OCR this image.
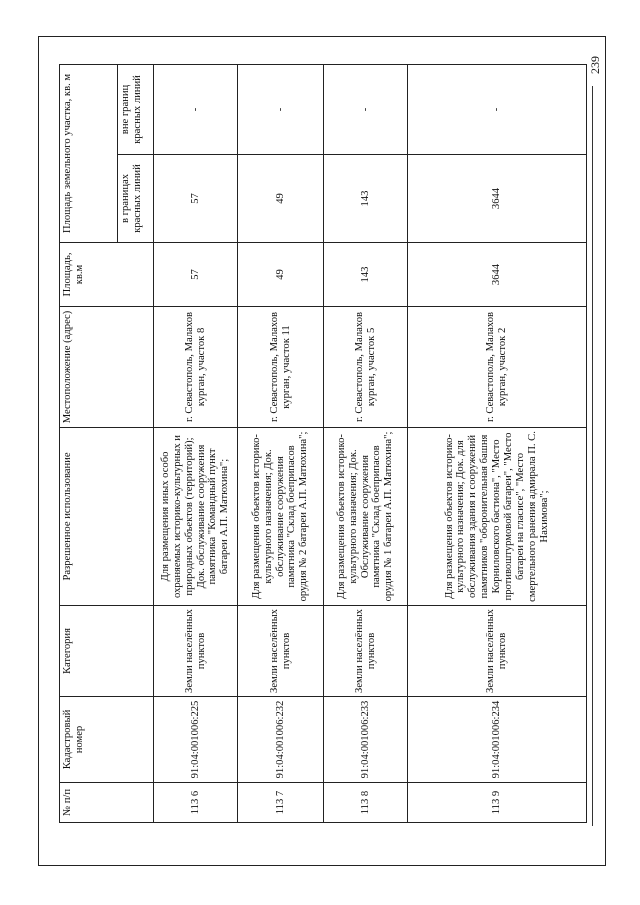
239
№ п/п	Кадастровый номер	Категория	Разрешенное использование	Местоположение (адрес)	Площадь, кв.м	Площадь земельного участка, кв. м	
						в границах красных линий	вне границ красных линий
113 6	91:04:001006:225	Земли населённых пунктов	Для размещения иных особо охраняемых историко-культурных и природных объектов (территорий); Док. обслуживание сооружения памятника "Командный пункт батареи А.П. Матюхина";	г. Севастополь, Малахов курган, участок 8	57	57	-
113 7	91:04:001006:232	Земли населённых пунктов	Для размещения объектов историко-культурного назначения; Док. обслуживание сооружения памятника "Склад боеприпасов орудия № 2 батареи А.П. Матюхина";	г. Севастополь, Малахов курган, участок 11	49	49	-
113 8	91:04:001006:233	Земли населённых пунктов	Для размещения объектов историко-культурного назначения; Док. Обслуживание сооружения памятника "Склад боеприпасов орудия № 1 батареи А.П. Матюхина";	г. Севастополь, Малахов курган, участок 5	143	143	-
113 9	91:04:001006:234	Земли населённых пунктов	Для размещения объектов историко-культурного назначения; Док. для обслуживания здания и сооружений памятников "оборонительная башня Корниловского бастиона", "Место противоштурмовой батареи", "Место батареи на гласисе", "Место смертельного ранения адмирала П. С. Нахимова";	г. Севастополь, Малахов курган, участок 2	3644	3644	-
